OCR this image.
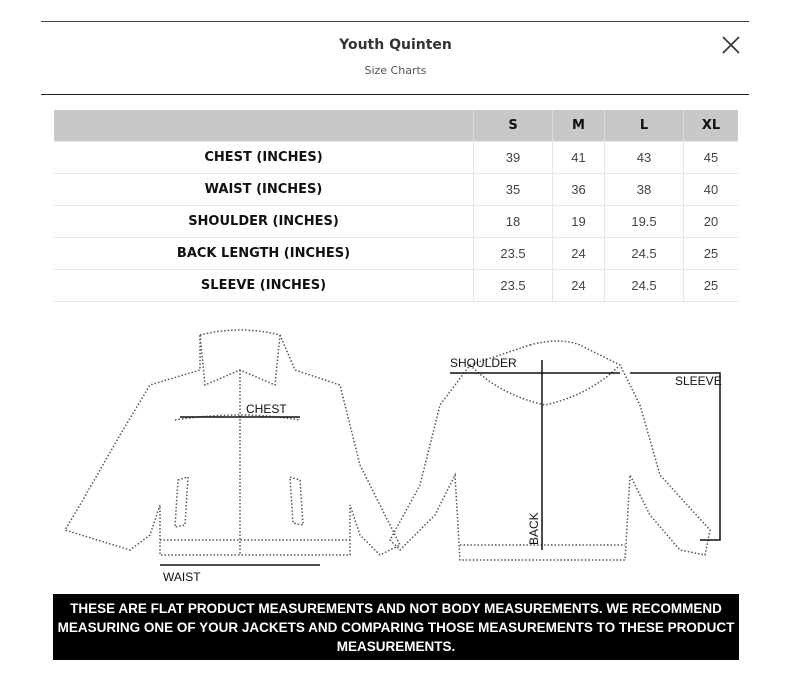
Youth Quinten
Size Charts
	S	M	L	XL
CHEST (INCHES)	39	41	43	45
WAIST (INCHES)	35	36	38	40
SHOULDER (INCHES)	18	19	19.5	20
BACK LENGTH (INCHES)	23.5	24	24.5	25
SLEEVE (INCHES)	23.5	24	24.5	25
CHEST
WAIST
SHOULDER
SLEEVE
BACK
THESE ARE FLAT PRODUCT MEASUREMENTS AND NOT BODY MEASUREMENTS. WE RECOMMEND MEASURING ONE OF YOUR JACKETS AND COMPARING THOSE MEASUREMENTS TO THESE PRODUCT MEASUREMENTS.
